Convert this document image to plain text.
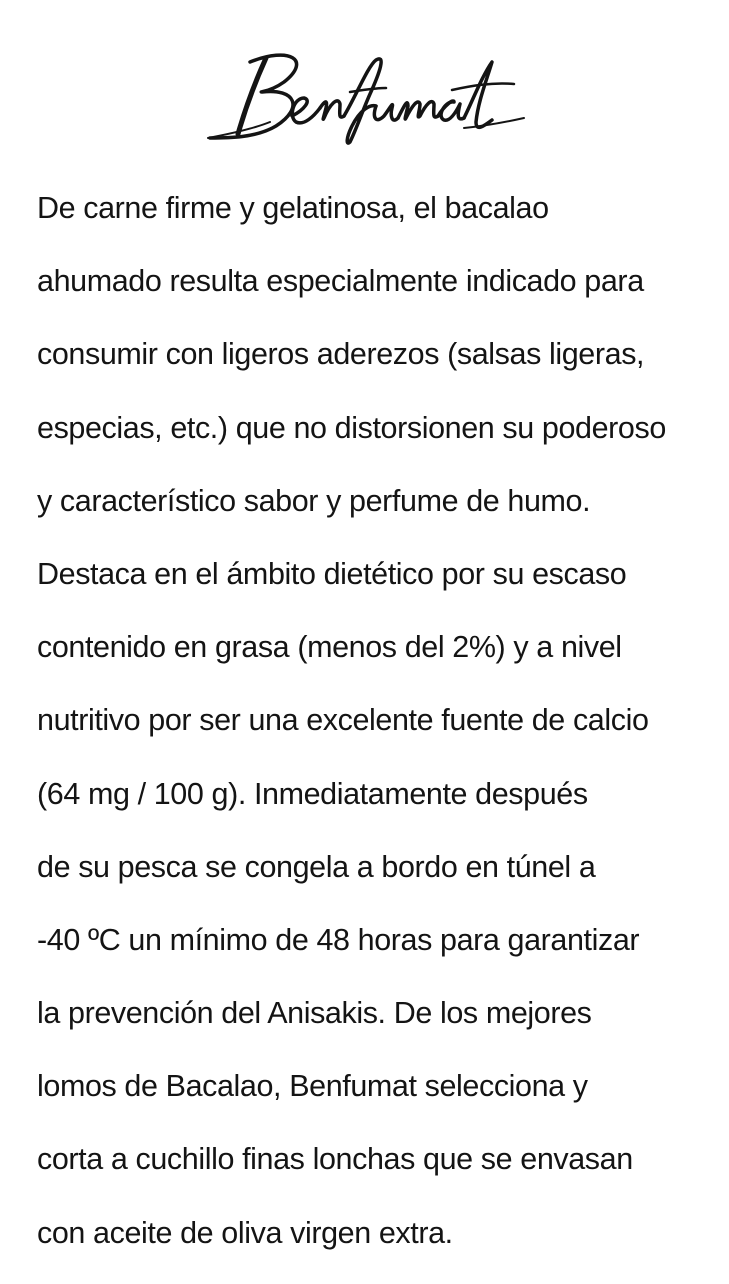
De carne firme y gelatinosa, el bacalao
ahumado resulta especialmente indicado para
consumir con ligeros aderezos (salsas ligeras,
especias, etc.) que no distorsionen su poderoso
y característico sabor y perfume de humo.
Destaca en el ámbito dietético por su escaso
contenido en grasa (menos del 2%) y a nivel
nutritivo por ser una excelente fuente de calcio
(64 mg / 100 g). Inmediatamente después
de su pesca se congela a bordo en túnel a
-40 ºC un mínimo de 48 horas para garantizar
la prevención del Anisakis. De los mejores
lomos de Bacalao, Benfumat selecciona y
corta a cuchillo finas lonchas que se envasan
con aceite de oliva virgen extra.
